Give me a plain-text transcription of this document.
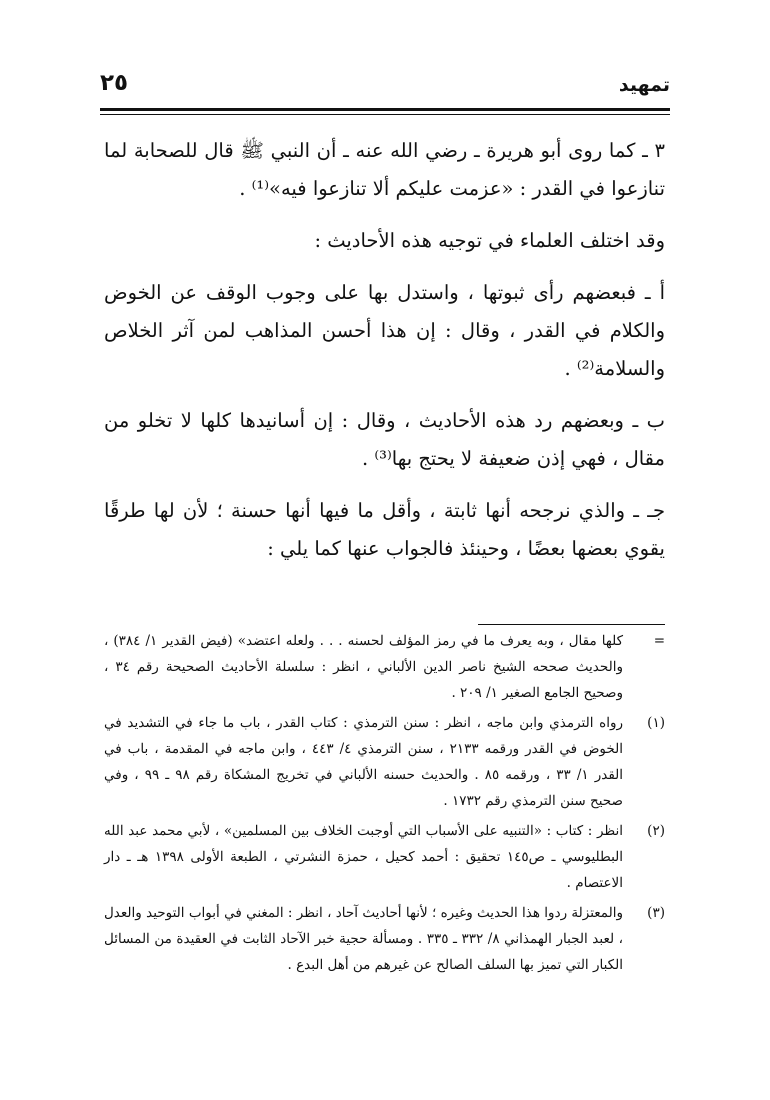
تمهيد
٢٥

٣ ـ كما روى أبو هريرة ـ رضي الله عنه ـ أن النبي ﷺ قال للصحابة لما تنازعوا في القدر : «عزمت عليكم ألا تنازعوا فيه»⁽¹⁾ .

وقد اختلف العلماء في توجيه هذه الأحاديث :

أ ـ فبعضهم رأى ثبوتها ، واستدل بها على وجوب الوقف عن الخوض والكلام في القدر ، وقال : إن هذا أحسن المذاهب لمن آثر الخلاص والسلامة⁽²⁾ .

ب ـ وبعضهم رد هذه الأحاديث ، وقال : إن أسانيدها كلها لا تخلو من مقال ، فهي إذن ضعيفة لا يحتج بها⁽³⁾ .

جـ ـ والذي نرجحه أنها ثابتة ، وأقل ما فيها أنها حسنة ؛ لأن لها طرقًا يقوي بعضها بعضًا ، وحينئذ فالجواب عنها كما يلي :

=
كلها مقال ، وبه يعرف ما في رمز المؤلف لحسنه . . . ولعله اعتضد» (فيض القدير ١/ ٣٨٤) ، والحديث صححه الشيخ ناصر الدين الألباني ، انظر : سلسلة الأحاديث الصحيحة رقم ٣٤ ، وصحيح الجامع الصغير ١/ ٢٠٩ .
(١)
رواه الترمذي وابن ماجه ، انظر : سنن الترمذي : كتاب القدر ، باب ما جاء في التشديد في الخوض في القدر ورقمه ٢١٣٣ ، سنن الترمذي ٤/ ٤٤٣ ، وابن ماجه في المقدمة ، باب في القدر ١/ ٣٣ ، ورقمه ٨٥ . والحديث حسنه الألباني في تخريج المشكاة رقم ٩٨ ـ ٩٩ ، وفي صحيح سنن الترمذي رقم ١٧٣٢ .
(٢)
انظر : كتاب : «التنبيه على الأسباب التي أوجبت الخلاف بين المسلمين» ، لأبي محمد عبد الله البطليوسي ـ ص١٤٥ تحقيق : أحمد كحيل ، حمزة النشرتي ، الطبعة الأولى ١٣٩٨ هـ ـ دار الاعتصام .
(٣)
والمعتزلة ردوا هذا الحديث وغيره ؛ لأنها أحاديث آحاد ، انظر : المغني في أبواب التوحيد والعدل ، لعبد الجبار الهمذاني ٨/ ٣٣٢ ـ ٣٣٥ . ومسألة حجية خبر الآحاد الثابت في العقيدة من المسائل الكبار التي تميز بها السلف الصالح عن غيرهم من أهل البدع .
